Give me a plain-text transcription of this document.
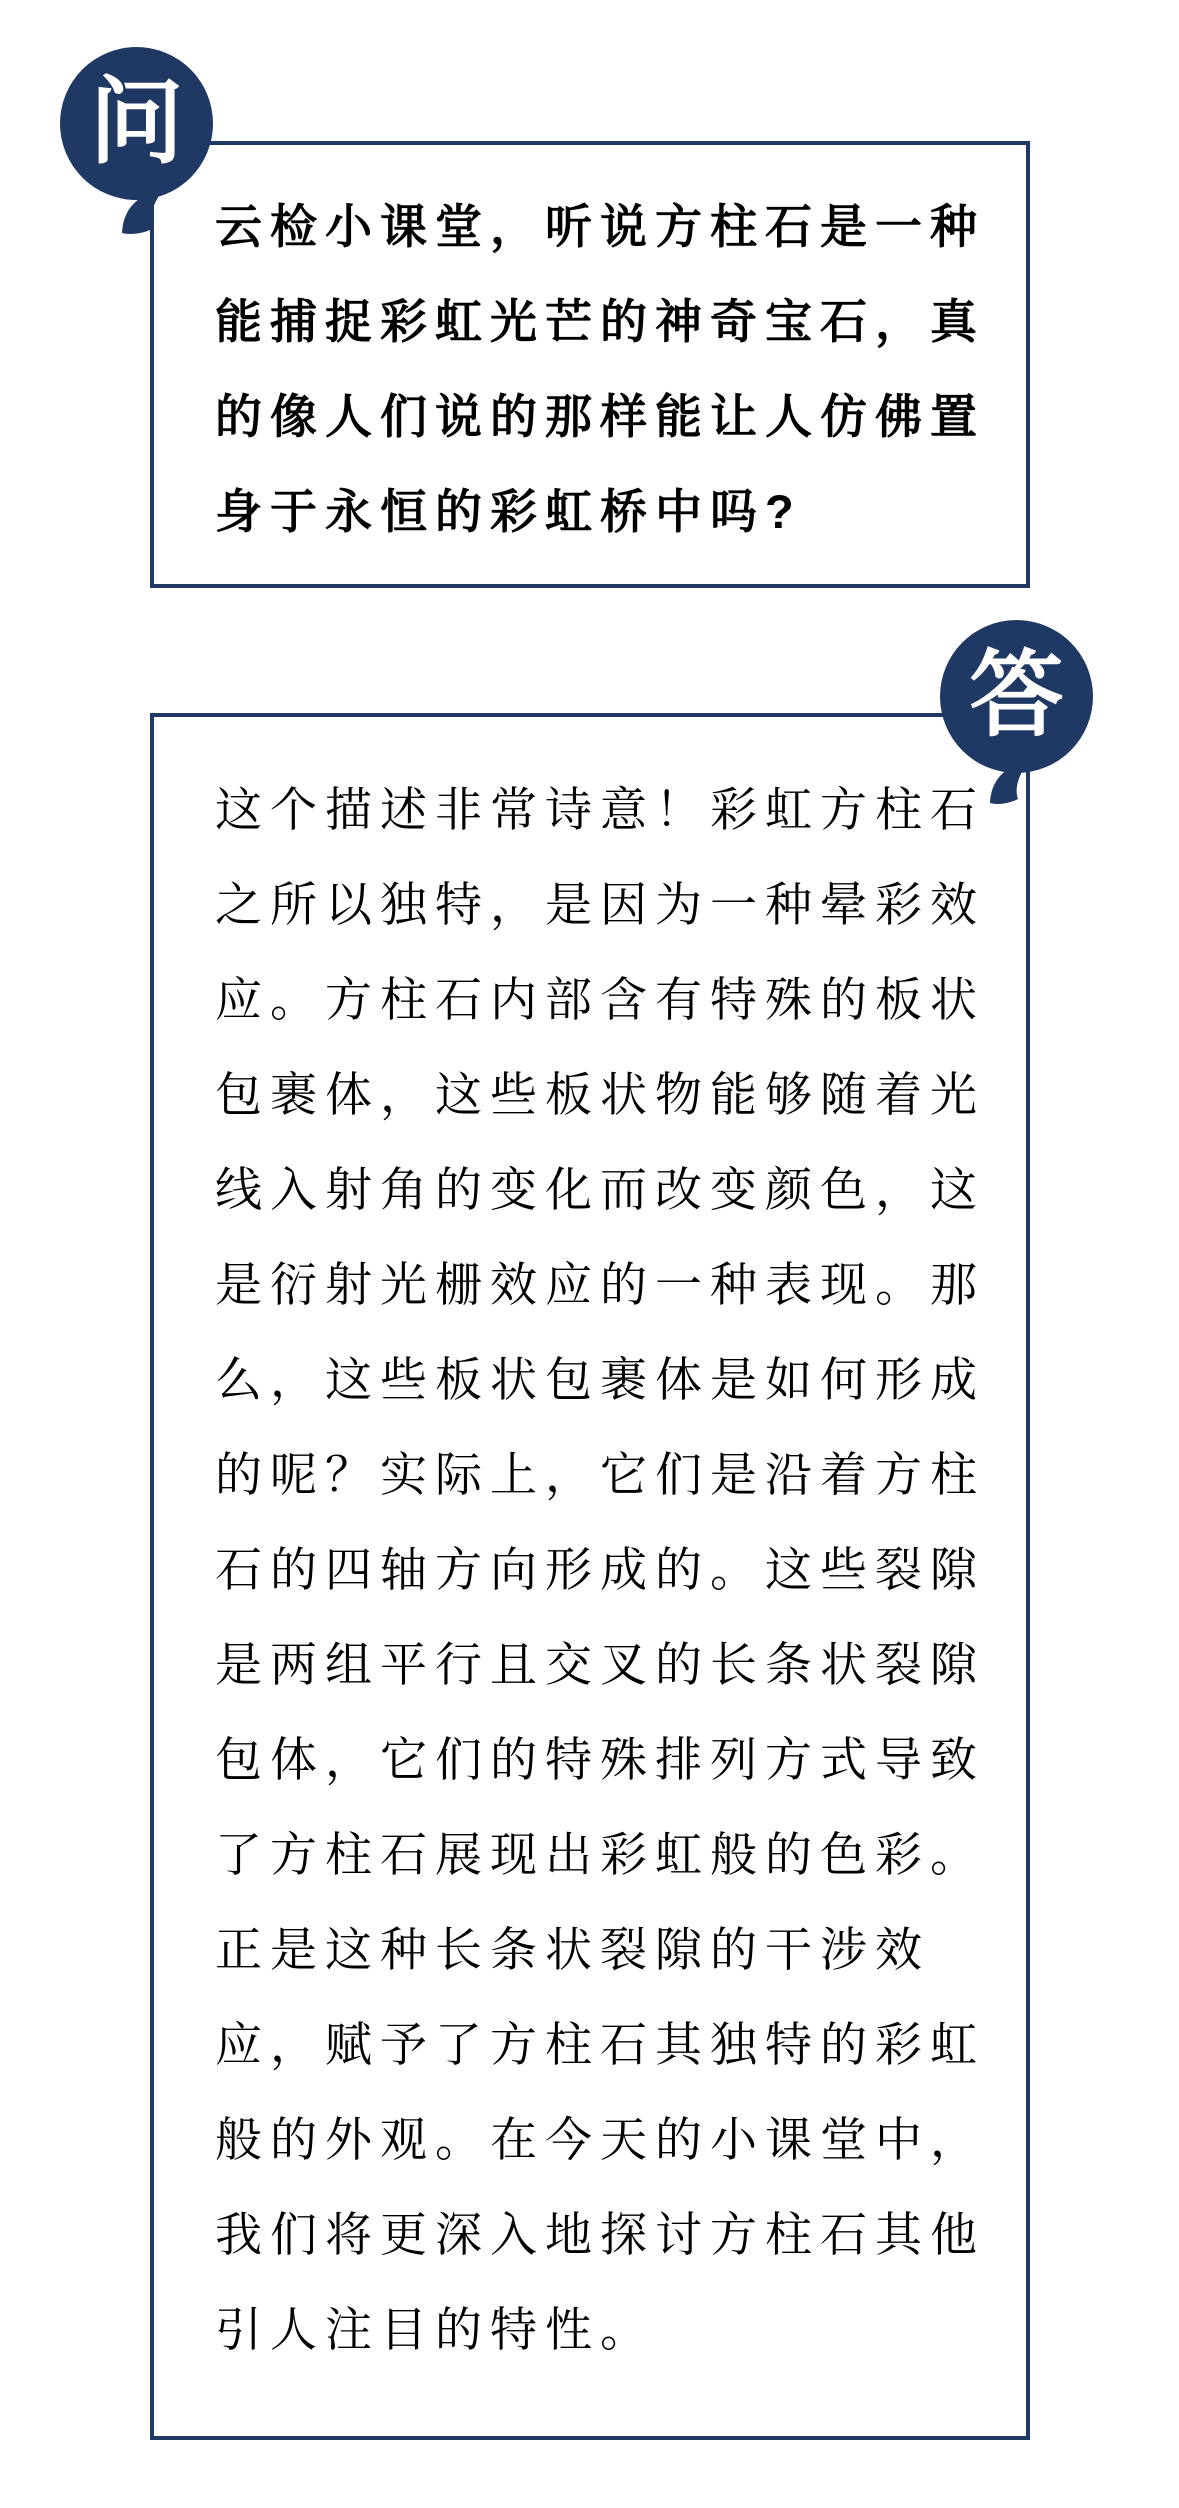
云检小课堂，听说方柱石是一种

能捕捉彩虹光芒的神奇宝石，真

的像人们说的那样能让人仿佛置

身于永恒的彩虹桥中吗?

问

这个描述非常诗意！彩虹方柱石

之所以独特，是因为一种晕彩效

应。方柱石内部含有特殊的板状

包裹体，这些板状物能够随着光

线入射角的变化而改变颜色，这

是衍射光栅效应的一种表现。那

么，这些板状包裹体是如何形成

的呢？实际上，它们是沿着方柱

石的四轴方向形成的。这些裂隙

是两组平行且交叉的长条状裂隙

包体，它们的特殊排列方式导致

了方柱石展现出彩虹般的色彩。

正是这种长条状裂隙的干涉效

应，赋予了方柱石其独特的彩虹

般的外观。在今天的小课堂中，

我们将更深入地探讨方柱石其他

引人注目的特性。

答
